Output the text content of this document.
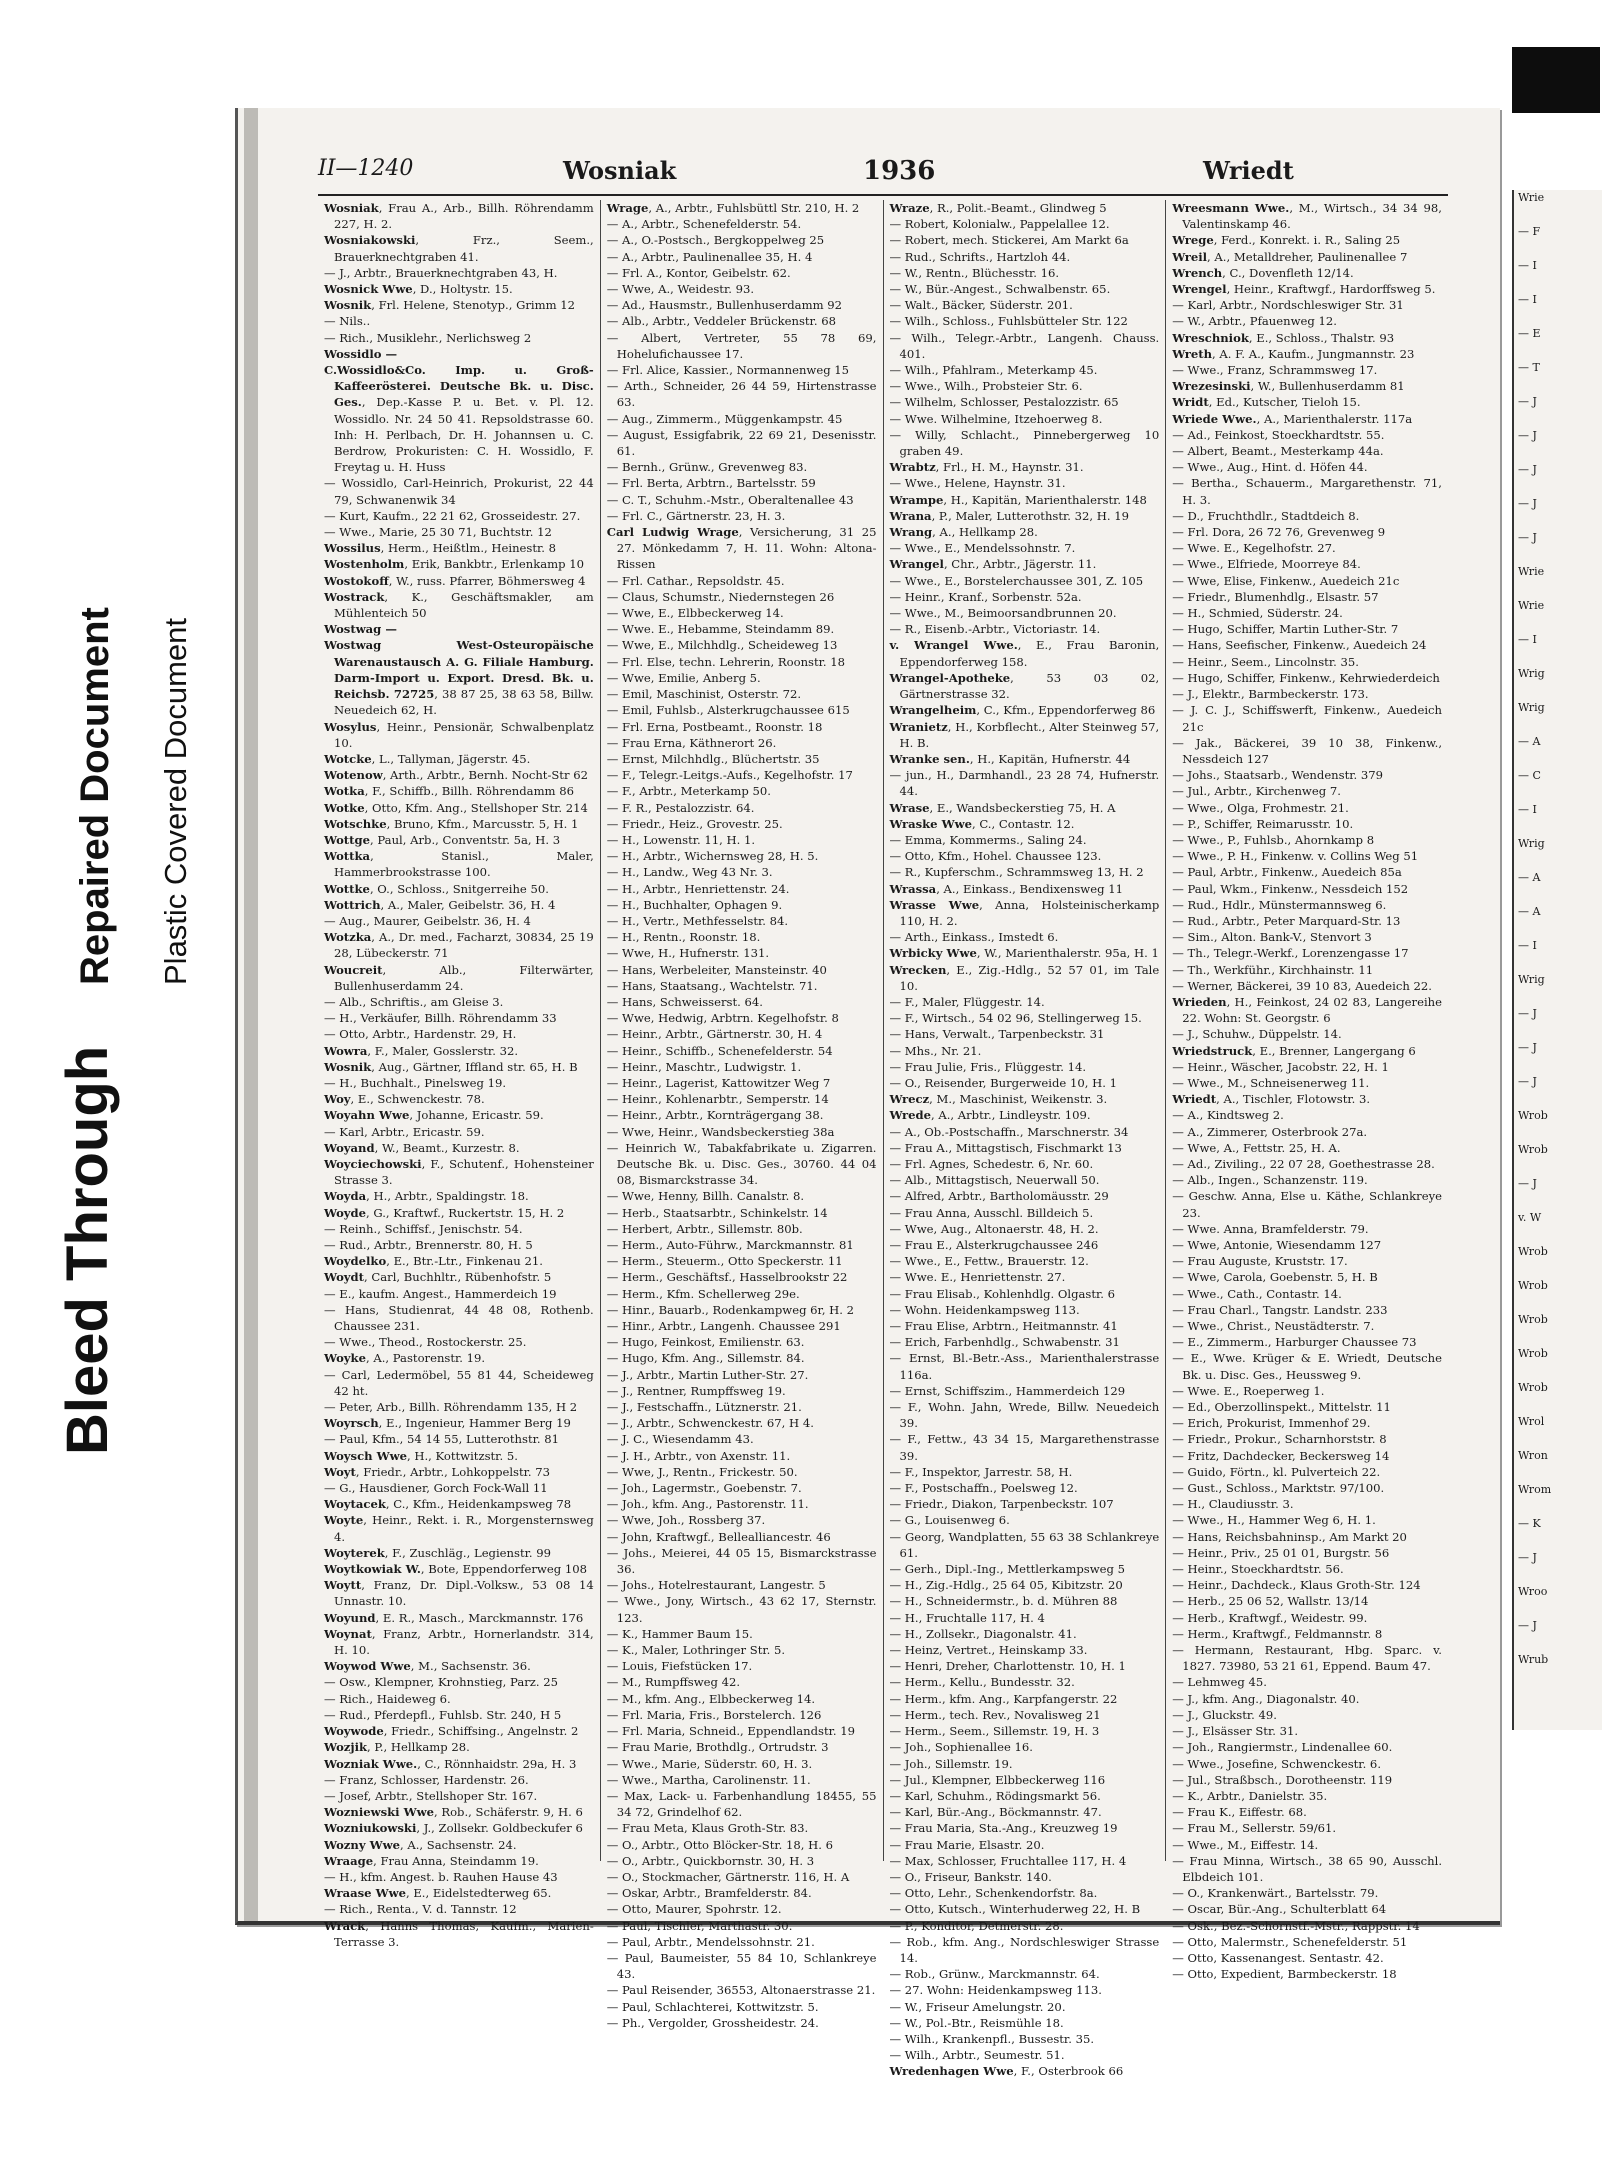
Bleed Through
Repaired Document Plastic Covered Document
II—1240	Wosniak	1936	Wriedt

Wosniak, Frau A., Arb., Billh. Röhrendamm 227, H. 2.

Wosniakowski, Frz., Seem., Brauerknechtgraben 41.

— J., Arbtr., Brauerknechtgraben 43, H.

Wosnick Wwe, D., Holtystr. 15.

Wosnik, Frl. Helene, Stenotyp., Grimm 12

— Nils..

— Rich., Musiklehr., Nerlichsweg 2

Wossidlo —

C.Wossidlo&Co. Imp. u. Groß-Kaffeerösterei. Deutsche Bk. u. Disc. Ges., Dep.-Kasse P. u. Bet. v. Pl. 12. Wossidlo. Nr. 24 50 41. Repsoldstrasse 60. Inh: H. Perlbach, Dr. H. Johannsen u. C. Berdrow, Prokuristen: C. H. Wossidlo, F. Freytag u. H. Huss

— Wossidlo, Carl-Heinrich, Prokurist, 22 44 79, Schwanenwik 34

— Kurt, Kaufm., 22 21 62, Grosseidestr. 27.

— Wwe., Marie, 25 30 71, Buchtstr. 12

Wossilus, Herm., Heißtlm., Heinestr. 8

Wostenholm, Erik, Bankbtr., Erlenkamp 10

Wostokoff, W., russ. Pfarrer, Böhmersweg 4

Wostrack, K., Geschäftsmakler, am Mühlenteich 50

Wostwag —

Wostwag West-Osteuropäische Warenaustausch A. G. Filiale Hamburg. Darm-Import u. Export. Dresd. Bk. u. Reichsb. 72725, 38 87 25, 38 63 58, Billw. Neuedeich 62, H.

Wosylus, Heinr., Pensionär, Schwalbenplatz 10.

Wotcke, L., Tallyman, Jägerstr. 45.

Wotenow, Arth., Arbtr., Bernh. Nocht-Str 62

Wotka, F., Schiffb., Billh. Röhrendamm 86

Wotke, Otto, Kfm. Ang., Stellshoper Str. 214

Wotschke, Bruno, Kfm., Marcusstr. 5, H. 1

Wottge, Paul, Arb., Conventstr. 5a, H. 3

Wottka, Stanisl., Maler, Hammerbrookstrasse 100.

Wottke, O., Schloss., Snitgerreihe 50.

Wottrich, A., Maler, Geibelstr. 36, H. 4

— Aug., Maurer, Geibelstr. 36, H. 4

Wotzka, A., Dr. med., Facharzt, 30834, 25 19 28, Lübeckerstr. 71

Woucreit, Alb., Filterwärter, Bullenhuserdamm 24.

— Alb., Schriftis., am Gleise 3.

— H., Verkäufer, Billh. Röhrendamm 33

— Otto, Arbtr., Hardenstr. 29, H.

Wowra, F., Maler, Gosslerstr. 32.

Wosnik, Aug., Gärtner, Iffland str. 65, H. B

— H., Buchhalt., Pinelsweg 19.

Woy, E., Schwenckestr. 78.

Woyahn Wwe, Johanne, Ericastr. 59.

— Karl, Arbtr., Ericastr. 59.

Woyand, W., Beamt., Kurzestr. 8.

Woyciechowski, F., Schutenf., Hohensteiner Strasse 3.

Woyda, H., Arbtr., Spaldingstr. 18.

Woyde, G., Kraftwf., Ruckertstr. 15, H. 2

— Reinh., Schiffsf., Jenischstr. 54.

— Rud., Arbtr., Brennerstr. 80, H. 5

Woydelko, E., Btr.-Ltr., Finkenau 21.

Woydt, Carl, Buchhltr., Rübenhofstr. 5

— E., kaufm. Angest., Hammerdeich 19

— Hans, Studienrat, 44 48 08, Rothenb. Chaussee 231.

— Wwe., Theod., Rostockerstr. 25.

Woyke, A., Pastorenstr. 19.

— Carl, Ledermöbel, 55 81 44, Scheideweg 42 ht.

— Peter, Arb., Billh. Röhrendamm 135, H 2

Woyrsch, E., Ingenieur, Hammer Berg 19

— Paul, Kfm., 54 14 55, Lutterothstr. 81

Woysch Wwe, H., Kottwitzstr. 5.

Woyt, Friedr., Arbtr., Lohkoppelstr. 73

— G., Hausdiener, Gorch Fock-Wall 11

Woytacek, C., Kfm., Heidenkampsweg 78

Woyte, Heinr., Rekt. i. R., Morgensternsweg 4.

Woyterek, F., Zuschläg., Legienstr. 99

Woytkowiak W., Bote, Eppendorferweg 108

Woytt, Franz, Dr. Dipl.-Volksw., 53 08 14 Unnastr. 10.

Woyund, E. R., Masch., Marckmannstr. 176

Woynat, Franz, Arbtr., Hornerlandstr. 314, H. 10.

Woywod Wwe, M., Sachsenstr. 36.

— Osw., Klempner, Krohnstieg, Parz. 25

— Rich., Haideweg 6.

— Rud., Pferdepfl., Fuhlsb. Str. 240, H 5

Woywode, Friedr., Schiffsing., Angelnstr. 2

Wozjik, P., Hellkamp 28.

Wozniak Wwe., C., Rönnhaidstr. 29a, H. 3

— Franz, Schlosser, Hardenstr. 26.

— Josef, Arbtr., Stellshoper Str. 167.

Wozniewski Wwe, Rob., Schäferstr. 9, H. 6

Wozniukowski, J., Zollsekr. Goldbeckufer 6

Wozny Wwe, A., Sachsenstr. 24.

Wraage, Frau Anna, Steindamm 19.

— H., kfm. Angest. b. Rauhen Hause 43

Wraase Wwe, E., Eidelstedterweg 65.

— Rich., Renta., V. d. Tannstr. 12

Wrack, Hanns Thomas, Kaufm., Marien-Terrasse 3.

Wrage, A., Arbtr., Fuhlsbüttl Str. 210, H. 2

— A., Arbtr., Schenefelderstr. 54.

— A., O.-Postsch., Bergkoppelweg 25

— A., Arbtr., Paulinenallee 35, H. 4

— Frl. A., Kontor, Geibelstr. 62.

— Wwe, A., Weidestr. 93.

— Ad., Hausmstr., Bullenhuserdamm 92

— Alb., Arbtr., Veddeler Brückenstr. 68

— Albert, Vertreter, 55 78 69, Hohelufichaussee 17.

— Frl. Alice, Kassier., Normannenweg 15

— Arth., Schneider, 26 44 59, Hirtenstrasse 63.

— Aug., Zimmerm., Müggenkampstr. 45

— August, Essigfabrik, 22 69 21, Desenisstr. 61.

— Bernh., Grünw., Grevenweg 83.

— Frl. Berta, Arbtrn., Bartelsstr. 59

— C. T., Schuhm.-Mstr., Oberaltenallee 43

— Frl. C., Gärtnerstr. 23, H. 3.

Carl Ludwig Wrage, Versicherung, 31 25 27. Mönkedamm 7, H. 11. Wohn: Altona-Rissen

— Frl. Cathar., Repsoldstr. 45.

— Claus, Schumstr., Niedernstegen 26

— Wwe, E., Elbbeckerweg 14.

— Wwe. E., Hebamme, Steindamm 89.

— Wwe, E., Milchhdlg., Scheideweg 13

— Frl. Else, techn. Lehrerin, Roonstr. 18

— Wwe, Emilie, Anberg 5.

— Emil, Maschinist, Osterstr. 72.

— Emil, Fuhlsb., Alsterkrugchaussee 615

— Frl. Erna, Postbeamt., Roonstr. 18

— Frau Erna, Käthnerort 26.

— Ernst, Milchhdlg., Blüchertstr. 35

— F., Telegr.-Leitgs.-Aufs., Kegelhofstr. 17

— F., Arbtr., Meterkamp 50.

— F. R., Pestalozzistr. 64.

— Friedr., Heiz., Grovestr. 25.

— H., Lowenstr. 11, H. 1.

— H., Arbtr., Wichernsweg 28, H. 5.

— H., Landw., Weg 43 Nr. 3.

— H., Arbtr., Henriettenstr. 24.

— H., Buchhalter, Ophagen 9.

— H., Vertr., Methfesselstr. 84.

— H., Rentn., Roonstr. 18.

— Wwe, H., Hufnerstr. 131.

— Hans, Werbeleiter, Mansteinstr. 40

— Hans, Staatsang., Wachtelstr. 71.

— Hans, Schweisserst. 64.

— Wwe, Hedwig, Arbtrn. Kegelhofstr. 8

— Heinr., Arbtr., Gärtnerstr. 30, H. 4

— Heinr., Schiffb., Schenefelderstr. 54

— Heinr., Maschtr., Ludwigstr. 1.

— Heinr., Lagerist, Kattowitzer Weg 7

— Heinr., Kohlenarbtr., Semperstr. 14

— Heinr., Arbtr., Kornträgergang 38.

— Wwe, Heinr., Wandsbeckerstieg 38a

— Heinrich W., Tabakfabrikate u. Zigarren. Deutsche Bk. u. Disc. Ges., 30760. 44 04 08, Bismarckstrasse 34.

— Wwe, Henny, Billh. Canalstr. 8.

— Herb., Staatsarbtr., Schinkelstr. 14

— Herbert, Arbtr., Sillemstr. 80b.

— Herm., Auto-Führw., Marckmannstr. 81

— Herm., Steuerm., Otto Speckerstr. 11

— Herm., Geschäftsf., Hasselbrookstr 22

— Herm., Kfm. Schellerweg 29e.

— Hinr., Bauarb., Rodenkampweg 6r, H. 2

— Hinr., Arbtr., Langenh. Chaussee 291

— Hugo, Feinkost, Emilienstr. 63.

— Hugo, Kfm. Ang., Sillemstr. 84.

— J., Arbtr., Martin Luther-Str. 27.

— J., Rentner, Rumpffsweg 19.

— J., Festschaffn., Lütznerstr. 21.

— J., Arbtr., Schwenckestr. 67, H 4.

— J. C., Wiesendamm 43.

— J. H., Arbtr., von Axenstr. 11.

— Wwe, J., Rentn., Frickestr. 50.

— Joh., Lagermstr., Goebenstr. 7.

— Joh., kfm. Ang., Pastorenstr. 11.

— Wwe, Joh., Rossberg 37.

— John, Kraftwgf., Bellealliancestr. 46

— Johs., Meierei, 44 05 15, Bismarckstrasse 36.

— Johs., Hotelrestaurant, Langestr. 5

— Wwe., Jony, Wirtsch., 43 62 17, Sternstr. 123.

— K., Hammer Baum 15.

— K., Maler, Lothringer Str. 5.

— Louis, Fiefstücken 17.

— M., Rumpffsweg 42.

— M., kfm. Ang., Elbbeckerweg 14.

— Frl. Maria, Fris., Borstelerch. 126

— Frl. Maria, Schneid., Eppendlandstr. 19

— Frau Marie, Brothdlg., Ortrudstr. 3

— Wwe., Marie, Süderstr. 60, H. 3.

— Wwe., Martha, Carolinenstr. 11.

— Max, Lack- u. Farbenhandlung 18455, 55 34 72, Grindelhof 62.

— Frau Meta, Klaus Groth-Str. 83.

— O., Arbtr., Otto Blöcker-Str. 18, H. 6

— O., Arbtr., Quickbornstr. 30, H. 3

— O., Stockmacher, Gärtnerstr. 116, H. A

— Oskar, Arbtr., Bramfelderstr. 84.

— Otto, Maurer, Spohrstr. 12.

— Paul, Tischler, Marthastr. 30.

— Paul, Arbtr., Mendelssohnstr. 21.

— Paul, Baumeister, 55 84 10, Schlankreye 43.

— Paul Reisender, 36553, Altonaerstrasse 21.

— Paul, Schlachterei, Kottwitzstr. 5.

— Ph., Vergolder, Grossheidestr. 24.

Wraze, R., Polit.-Beamt., Glindweg 5

— Robert, Kolonialw., Pappelallee 12.

— Robert, mech. Stickerei, Am Markt 6a

— Rud., Schrifts., Hartzloh 44.

— W., Rentn., Blüchesstr. 16.

— W., Bür.-Angest., Schwalbenstr. 65.

— Walt., Bäcker, Süderstr. 201.

— Wilh., Schloss., Fuhlsbütteler Str. 122

— Wilh., Telegr.-Arbtr., Langenh. Chauss. 401.

— Wilh., Pfahlram., Meterkamp 45.

— Wwe., Wilh., Probsteier Str. 6.

— Wilhelm, Schlosser, Pestalozzistr. 65

— Wwe. Wilhelmine, Itzehoerweg 8.

— Willy, Schlacht., Pinnebergerweg 10 graben 49.

Wrabtz, Frl., H. M., Haynstr. 31.

— Wwe., Helene, Haynstr. 31.

Wrampe, H., Kapitän, Marienthalerstr. 148

Wrana, P., Maler, Lutterothstr. 32, H. 19

Wrang, A., Hellkamp 28.

— Wwe., E., Mendelssohnstr. 7.

Wrangel, Chr., Arbtr., Jägerstr. 11.

— Wwe., E., Borstelerchaussee 301, Z. 105

— Heinr., Kranf., Sorbenstr. 52a.

— Wwe., M., Beimoorsandbrunnen 20.

— R., Eisenb.-Arbtr., Victoriastr. 14.

v. Wrangel Wwe., E., Frau Baronin, Eppendorferweg 158.

Wrangel-Apotheke, 53 03 02, Gärtnerstrasse 32.

Wrangelheim, C., Kfm., Eppendorferweg 86

Wranietz, H., Korbflecht., Alter Steinweg 57, H. B.

Wranke sen., H., Kapitän, Hufnerstr. 44

— jun., H., Darmhandl., 23 28 74, Hufnerstr. 44.

Wrase, E., Wandsbeckerstieg 75, H. A

Wraske Wwe, C., Contastr. 12.

— Emma, Kommerms., Saling 24.

— Otto, Kfm., Hohel. Chaussee 123.

— R., Kupferschm., Schrammsweg 13, H. 2

Wrassa, A., Einkass., Bendixensweg 11

Wrasse Wwe, Anna, Holsteinischerkamp 110, H. 2.

— Arth., Einkass., Imstedt 6.

Wrbicky Wwe, W., Marienthalerstr. 95a, H. 1

Wrecken, E., Zig.-Hdlg., 52 57 01, im Tale 10.

— F., Maler, Flüggestr. 14.

— F., Wirtsch., 54 02 96, Stellingerweg 15.

— Hans, Verwalt., Tarpenbeckstr. 31

— Mhs., Nr. 21.

— Frau Julie, Fris., Flüggestr. 14.

— O., Reisender, Burgerweide 10, H. 1

Wrecz, M., Maschinist, Weikenstr. 3.

Wrede, A., Arbtr., Lindleystr. 109.

— A., Ob.-Postschaffn., Marschnerstr. 34

— Frau A., Mittagstisch, Fischmarkt 13

— Frl. Agnes, Schedestr. 6, Nr. 60.

— Alb., Mittagstisch, Neuerwall 50.

— Alfred, Arbtr., Bartholomäusstr. 29

— Frau Anna, Ausschl. Billdeich 5.

— Wwe, Aug., Altonaerstr. 48, H. 2.

— Frau E., Alsterkrugchaussee 246

— Wwe., E., Fettw., Brauerstr. 12.

— Wwe. E., Henriettenstr. 27.

— Frau Elisab., Kohlenhdlg. Olgastr. 6

— Wohn. Heidenkampsweg 113.

— Frau Elise, Arbtrn., Heitmannstr. 41

— Erich, Farbenhdlg., Schwabenstr. 31

— Ernst, Bl.-Betr.-Ass., Marienthalerstrasse 116a.

— Ernst, Schiffszim., Hammerdeich 129

— F., Wohn. Jahn, Wrede, Billw. Neuedeich 39.

— F., Fettw., 43 34 15, Margarethenstrasse 39.

— F., Inspektor, Jarrestr. 58, H.

— F., Postschaffn., Poelsweg 12.

— Friedr., Diakon, Tarpenbeckstr. 107

— G., Louisenweg 6.

— Georg, Wandplatten, 55 63 38 Schlankreye 61.

— Gerh., Dipl.-Ing., Mettlerkampsweg 5

— H., Zig.-Hdlg., 25 64 05, Kibitzstr. 20

— H., Schneidermstr., b. d. Mühren 88

— H., Fruchtalle 117, H. 4

— H., Zollsekr., Diagonalstr. 41.

— Heinz, Vertret., Heinskamp 33.

— Henri, Dreher, Charlottenstr. 10, H. 1

— Herm., Kellu., Bundesstr. 32.

— Herm., kfm. Ang., Karpfangerstr. 22

— Herm., tech. Rev., Novalisweg 21

— Herm., Seem., Sillemstr. 19, H. 3

— Joh., Sophienallee 16.

— Joh., Sillemstr. 19.

— Jul., Klempner, Elbbeckerweg 116

— Karl, Schuhm., Rödingsmarkt 56.

— Karl, Bür.-Ang., Böckmannstr. 47.

— Frau Maria, Sta.-Ang., Kreuzweg 19

— Frau Marie, Elsastr. 20.

— Max, Schlosser, Fruchtallee 117, H. 4

— O., Friseur, Bankstr. 140.

— Otto, Lehr., Schenkendorfstr. 8a.

— Otto, Kutsch., Winterhuderweg 22, H. B

— P., Konditor, Detmerstr. 28.

— Rob., kfm. Ang., Nordschleswiger Strasse 14.

— Rob., Grünw., Marckmannstr. 64.

— 27. Wohn: Heidenkampsweg 113.

— W., Friseur Amelungstr. 20.

— W., Pol.-Btr., Reismühle 18.

— Wilh., Krankenpfl., Bussestr. 35.

— Wilh., Arbtr., Seumestr. 51.

Wredenhagen Wwe, F., Osterbrook 66

Wreesmann Wwe., M., Wirtsch., 34 34 98, Valentinskamp 46.

Wrege, Ferd., Konrekt. i. R., Saling 25

Wreil, A., Metalldreher, Paulinenallee 7

Wrench, C., Dovenfleth 12/14.

Wrengel, Heinr., Kraftwgf., Hardorffsweg 5.

— Karl, Arbtr., Nordschleswiger Str. 31

— W., Arbtr., Pfauenweg 12.

Wreschniok, E., Schloss., Thalstr. 93

Wreth, A. F. A., Kaufm., Jungmannstr. 23

— Wwe., Franz, Schrammsweg 17.

Wrezesinski, W., Bullenhuserdamm 81

Wridt, Ed., Kutscher, Tieloh 15.

Wriede Wwe., A., Marienthalerstr. 117a

— Ad., Feinkost, Stoeckhardtstr. 55.

— Albert, Beamt., Mesterkamp 44a.

— Wwe., Aug., Hint. d. Höfen 44.

— Bertha., Schauerm., Margarethenstr. 71, H. 3.

— D., Fruchthdlr., Stadtdeich 8.

— Frl. Dora, 26 72 76, Grevenweg 9

— Wwe. E., Kegelhofstr. 27.

— Wwe., Elfriede, Moorreye 84.

— Wwe, Elise, Finkenw., Auedeich 21c

— Friedr., Blumenhdlg., Elsastr. 57

— H., Schmied, Süderstr. 24.

— Hugo, Schiffer, Martin Luther-Str. 7

— Hans, Seefischer, Finkenw., Auedeich 24

— Heinr., Seem., Lincolnstr. 35.

— Hugo, Schiffer, Finkenw., Kehrwiederdeich

— J., Elektr., Barmbeckerstr. 173.

— J. C. J., Schiffswerft, Finkenw., Auedeich 21c

— Jak., Bäckerei, 39 10 38, Finkenw., Nessdeich 127

— Johs., Staatsarb., Wendenstr. 379

— Jul., Arbtr., Kirchenweg 7.

— Wwe., Olga, Frohmestr. 21.

— P., Schiffer, Reimarusstr. 10.

— Wwe., P., Fuhlsb., Ahornkamp 8

— Wwe., P. H., Finkenw. v. Collins Weg 51

— Paul, Arbtr., Finkenw., Auedeich 85a

— Paul, Wkm., Finkenw., Nessdeich 152

— Rud., Hdlr., Münstermannsweg 6.

— Rud., Arbtr., Peter Marquard-Str. 13

— Sim., Alton. Bank-V., Stenvort 3

— Th., Telegr.-Werkf., Lorenzengasse 17

— Th., Werkführ., Kirchhainstr. 11

— Werner, Bäckerei, 39 10 83, Auedeich 22.

Wrieden, H., Feinkost, 24 02 83, Langereihe 22. Wohn: St. Georgstr. 6

— J., Schuhw., Düppelstr. 14.

Wriedstruck, E., Brenner, Langergang 6

— Heinr., Wäscher, Jacobstr. 22, H. 1

— Wwe., M., Schneisenerweg 11.

Wriedt, A., Tischler, Flotowstr. 3.

— A., Kindtsweg 2.

— A., Zimmerer, Osterbrook 27a.

— Wwe, A., Fettstr. 25, H. A.

— Ad., Ziviling., 22 07 28, Goethestrasse 28.

— Alb., Ingen., Schanzenstr. 119.

— Geschw. Anna, Else u. Käthe, Schlankreye 23.

— Wwe. Anna, Bramfelderstr. 79.

— Wwe, Antonie, Wiesendamm 127

— Frau Auguste, Kruststr. 17.

— Wwe, Carola, Goebenstr. 5, H. B

— Wwe., Cath., Contastr. 14.

— Frau Charl., Tangstr. Landstr. 233

— Wwe., Christ., Neustädterstr. 7.

— E., Zimmerm., Harburger Chaussee 73

— E., Wwe. Krüger & E. Wriedt, Deutsche Bk. u. Disc. Ges., Heussweg 9.

— Wwe. E., Roeperweg 1.

— Ed., Oberzollinspekt., Mittelstr. 11

— Erich, Prokurist, Immenhof 29.

— Friedr., Prokur., Scharnhorststr. 8

— Fritz, Dachdecker, Beckersweg 14

— Guido, Förtn., kl. Pulverteich 22.

— Gust., Schloss., Marktstr. 97/100.

— H., Claudiusstr. 3.

— Wwe., H., Hammer Weg 6, H. 1.

— Hans, Reichsbahninsp., Am Markt 20

— Heinr., Priv., 25 01 01, Burgstr. 56

— Heinr., Stoeckhardtstr. 56.

— Heinr., Dachdeck., Klaus Groth-Str. 124

— Herb., 25 06 52, Wallstr. 13/14

— Herb., Kraftwgf., Weidestr. 99.

— Herm., Kraftwgf., Feldmannstr. 8

— Hermann, Restaurant, Hbg. Sparc. v. 1827. 73980, 53 21 61, Eppend. Baum 47.

— Lehmweg 45.

— J., kfm. Ang., Diagonalstr. 40.

— J., Gluckstr. 49.

— J., Elsässer Str. 31.

— Joh., Rangiermstr., Lindenallee 60.

— Wwe., Josefine, Schwenckestr. 6.

— Jul., Straßbsch., Dorotheenstr. 119

— K., Arbtr., Danielstr. 35.

— Frau K., Eiffestr. 68.

— Frau M., Sellerstr. 59/61.

— Wwe., M., Eiffestr. 14.

— Frau Minna, Wirtsch., 38 65 90, Ausschl. Elbdeich 101.

— O., Krankenwärt., Bartelsstr. 79.

— Oscar, Bür.-Ang., Schulterblatt 64

— Osk., Bez.-Schornstf.-Mstr., Rappstr. 14

— Otto, Malermstr., Schenefelderstr. 51

— Otto, Kassenangest. Sentastr. 42.

— Otto, Expedient, Barmbeckerstr. 18

Wrie
— F
— I
— I
— E
— T
— J
— J
— J
— J
— J
Wrie
Wrie
— I
Wrig
Wrig
— A
— C
— I
Wrig
— A
— A
— I
Wrig
— J
— J
— J
Wrob
Wrob
— J
v. W
Wrob
Wrob
Wrob
Wrob
Wrob
Wrol
Wron
Wrom
— K
— J
Wroo
— J
Wrub
